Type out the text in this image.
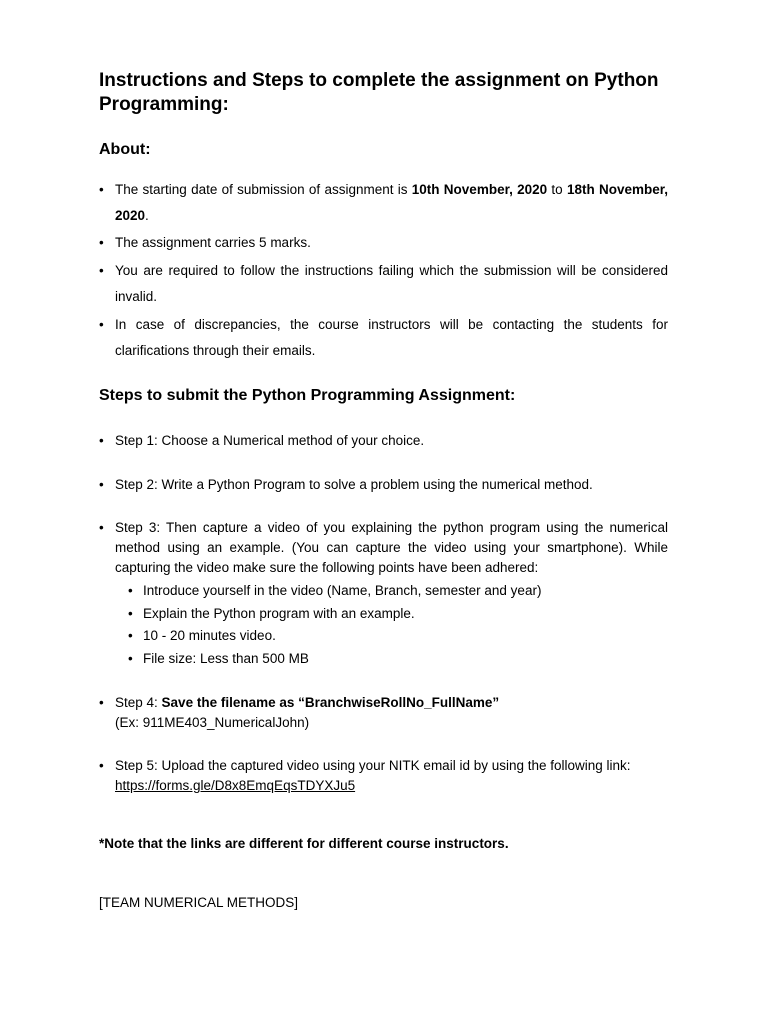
Instructions and Steps to complete the assignment on Python Programming:
About:
• The starting date of submission of assignment is 10th November, 2020 to 18th November, 2020.
• The assignment carries 5 marks.
• You are required to follow the instructions failing which the submission will be considered invalid.
• In case of discrepancies, the course instructors will be contacting the students for clarifications through their emails.
Steps to submit the Python Programming Assignment:
• Step 1: Choose a Numerical method of your choice.
• Step 2: Write a Python Program to solve a problem using the numerical method.
• Step 3: Then capture a video of you explaining the python program using the numerical method using an example. (You can capture the video using your smartphone). While capturing the video make sure the following points have been adhered:
• Introduce yourself in the video (Name, Branch, semester and year)
• Explain the Python program with an example.
• 10 - 20 minutes video.
• File size: Less than 500 MB
• Step 4: Save the filename as “BranchwiseRollNo_FullName”
(Ex: 911ME403_NumericalJohn)
• Step 5: Upload the captured video using your NITK email id by using the following link:
https://forms.gle/D8x8EmqEqsTDYXJu5
*Note that the links are different for different course instructors.
[TEAM NUMERICAL METHODS]
